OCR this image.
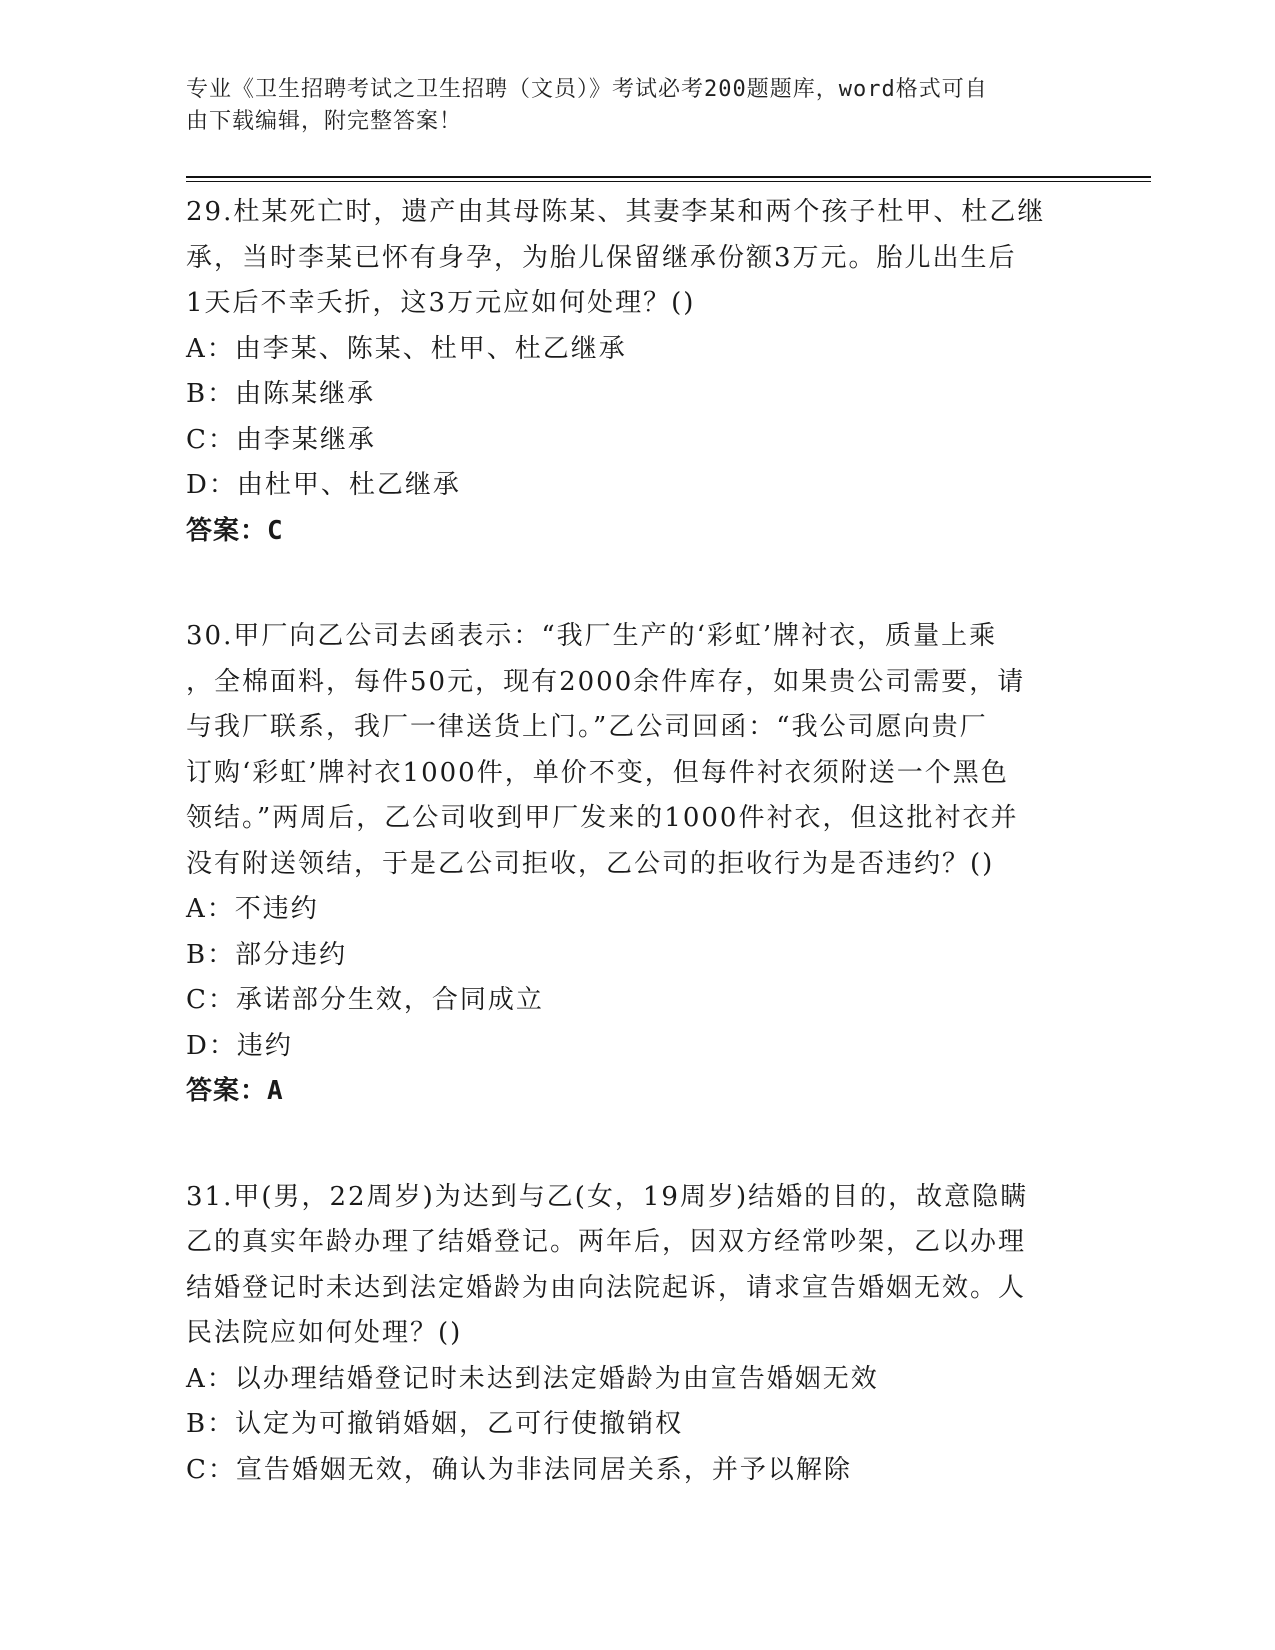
专业《卫生招聘考试之卫生招聘（文员）》考试必考200题题库，word格式可自
由下载编辑，附完整答案！

29.杜某死亡时，遗产由其母陈某、其妻李某和两个孩子杜甲、杜乙继

承，当时李某已怀有身孕，为胎儿保留继承份额3万元。胎儿出生后

1天后不幸夭折，这3万元应如何处理？()

A：由李某、陈某、杜甲、杜乙继承

B：由陈某继承

C：由李某继承

D：由杜甲、杜乙继承

答案：C

30.甲厂向乙公司去函表示：“我厂生产的‘彩虹’牌衬衣，质量上乘

，全棉面料，每件50元，现有2000余件库存，如果贵公司需要，请

与我厂联系，我厂一律送货上门。”乙公司回函：“我公司愿向贵厂

订购‘彩虹’牌衬衣1000件，单价不变，但每件衬衣须附送一个黑色

领结。”两周后，乙公司收到甲厂发来的1000件衬衣，但这批衬衣并

没有附送领结，于是乙公司拒收，乙公司的拒收行为是否违约？()

A：不违约

B：部分违约

C：承诺部分生效，合同成立

D：违约

答案：A

31.甲(男，22周岁)为达到与乙(女，19周岁)结婚的目的，故意隐瞒

乙的真实年龄办理了结婚登记。两年后，因双方经常吵架，乙以办理

结婚登记时未达到法定婚龄为由向法院起诉，请求宣告婚姻无效。人

民法院应如何处理？()

A：以办理结婚登记时未达到法定婚龄为由宣告婚姻无效

B：认定为可撤销婚姻，乙可行使撤销权

C：宣告婚姻无效，确认为非法同居关系，并予以解除
